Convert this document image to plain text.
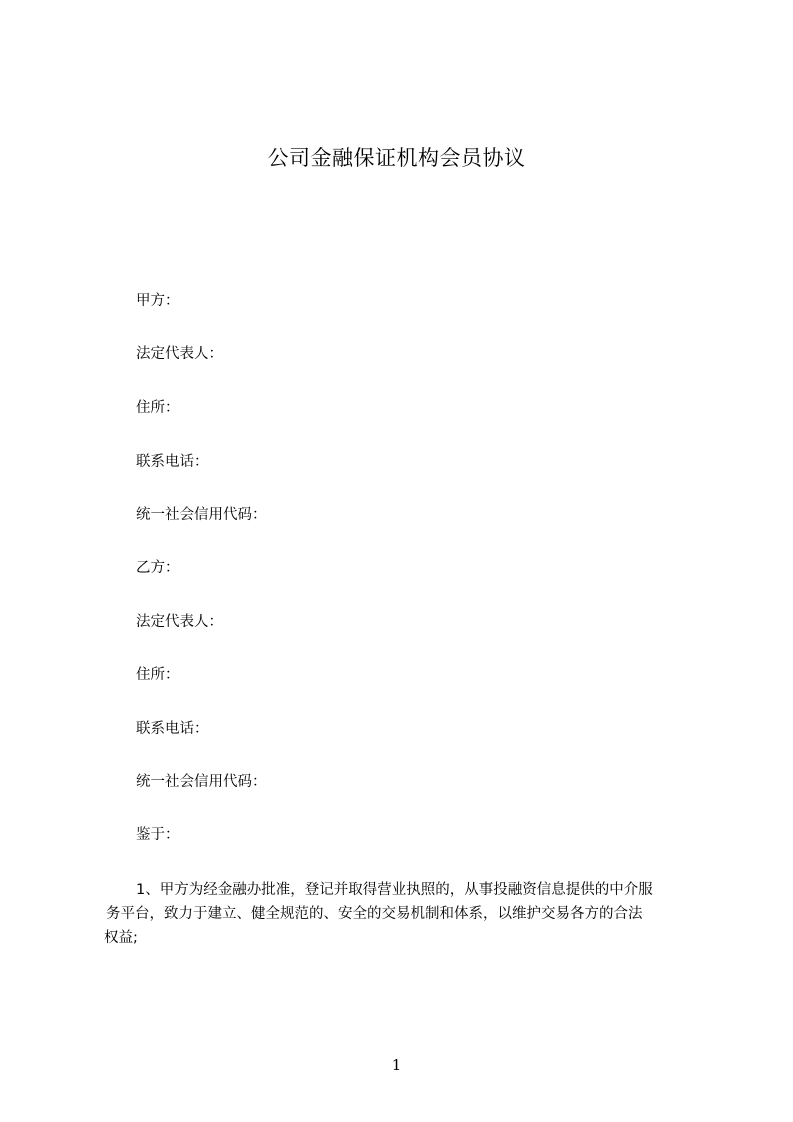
公司金融保证机构会员协议
甲方：
法定代表人：
住所：
联系电话：
统一社会信用代码：
乙方：
法定代表人：
住所：
联系电话：
统一社会信用代码：
鉴于：
1、甲方为经金融办批准，登记并取得营业执照的，从事投融资信息提供的中介服
务平台，致力于建立、健全规范的、安全的交易机制和体系，以维护交易各方的合法
权益;
1
